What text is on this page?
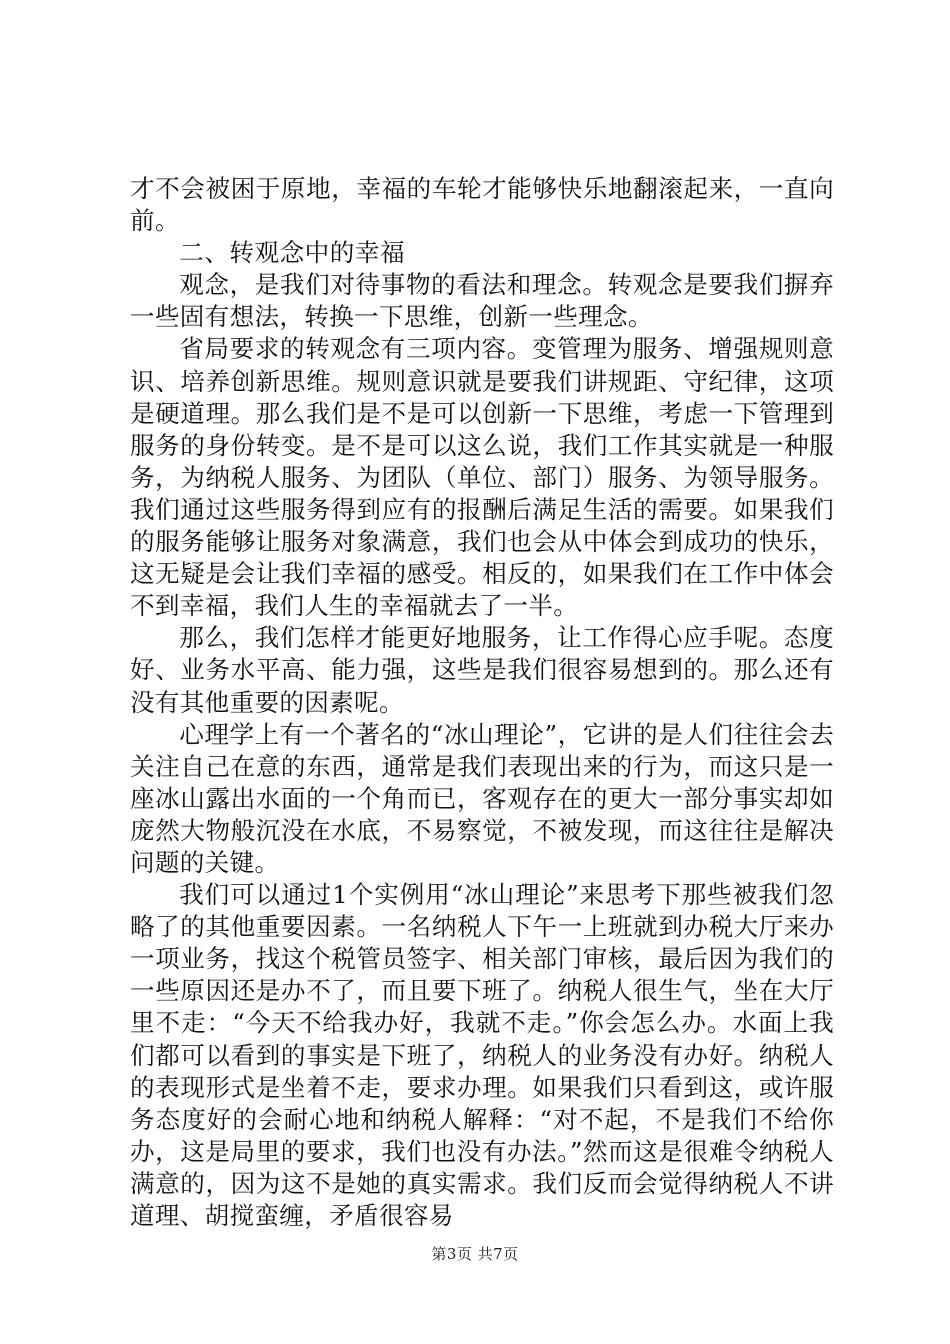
才不会被困于原地，幸福的车轮才能够快乐地翻滚起来，一直向前。

二、转观念中的幸福

观念，是我们对待事物的看法和理念。转观念是要我们摒弃一些固有想法，转换一下思维，创新一些理念。

省局要求的转观念有三项内容。变管理为服务、增强规则意识、培养创新思维。规则意识就是要我们讲规距、守纪律，这项是硬道理。那么我们是不是可以创新一下思维，考虑一下管理到服务的身份转变。是不是可以这么说，我们工作其实就是一种服务，为纳税人服务、为团队（单位、部门）服务、为领导服务。我们通过这些服务得到应有的报酬后满足生活的需要。如果我们的服务能够让服务对象满意，我们也会从中体会到成功的快乐，这无疑是会让我们幸福的感受。相反的，如果我们在工作中体会不到幸福，我们人生的幸福就去了一半。

那么，我们怎样才能更好地服务，让工作得心应手呢。态度好、业务水平高、能力强，这些是我们很容易想到的。那么还有没有其他重要的因素呢。

心理学上有一个著名的“冰山理论”，它讲的是人们往往会去关注自己在意的东西，通常是我们表现出来的行为，而这只是一座冰山露出水面的一个角而已，客观存在的更大一部分事实却如庞然大物般沉没在水底，不易察觉，不被发现，而这往往是解决问题的关键。

我们可以通过1个实例用“冰山理论”来思考下那些被我们忽略了的其他重要因素。一名纳税人下午一上班就到办税大厅来办一项业务，找这个税管员签字、相关部门审核，最后因为我们的一些原因还是办不了，而且要下班了。纳税人很生气，坐在大厅里不走：“今天不给我办好，我就不走。”你会怎么办。水面上我们都可以看到的事实是下班了，纳税人的业务没有办好。纳税人的表现形式是坐着不走，要求办理。如果我们只看到这，或许服务态度好的会耐心地和纳税人解释：“对不起，不是我们不给你办，这是局里的要求，我们也没有办法。”然而这是很难令纳税人满意的，因为这不是她的真实需求。我们反而会觉得纳税人不讲道理、胡搅蛮缠，矛盾很容易

第3页 共7页
